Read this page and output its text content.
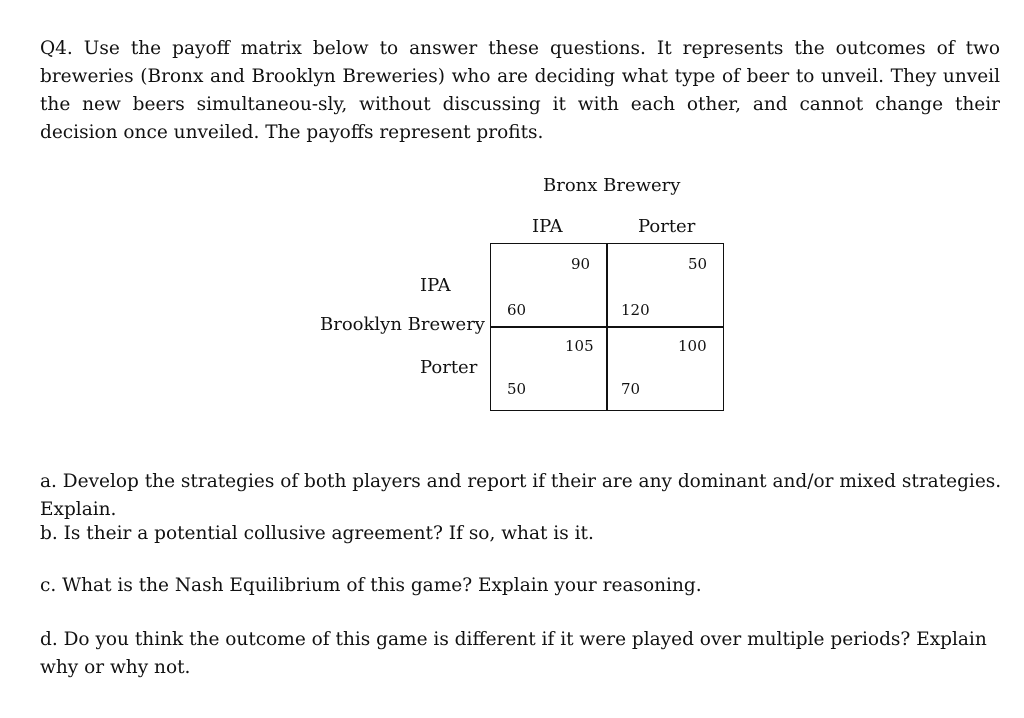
Q4. Use the payoff matrix below to answer these questions. It represents the outcomes of two breweries (Bronx and Brooklyn Breweries) who are deciding what type of beer to unveil. They unveil the new beers simultaneou-sly, without discussing it with each other, and cannot change their decision once unveiled. The payoffs represent profits.

Bronx Brewery
IPA	Porter
IPA
Brooklyn Brewery
Porter
90
60
50
120
105
50
100
70

a. Develop the strategies of both players and report if their are any dominant and/or mixed strategies. Explain.

b. Is their a potential collusive agreement? If so, what is it.

c. What is the Nash Equilibrium of this game? Explain your reasoning.

d. Do you think the outcome of this game is different if it were played over multiple periods? Explain why or why not.
